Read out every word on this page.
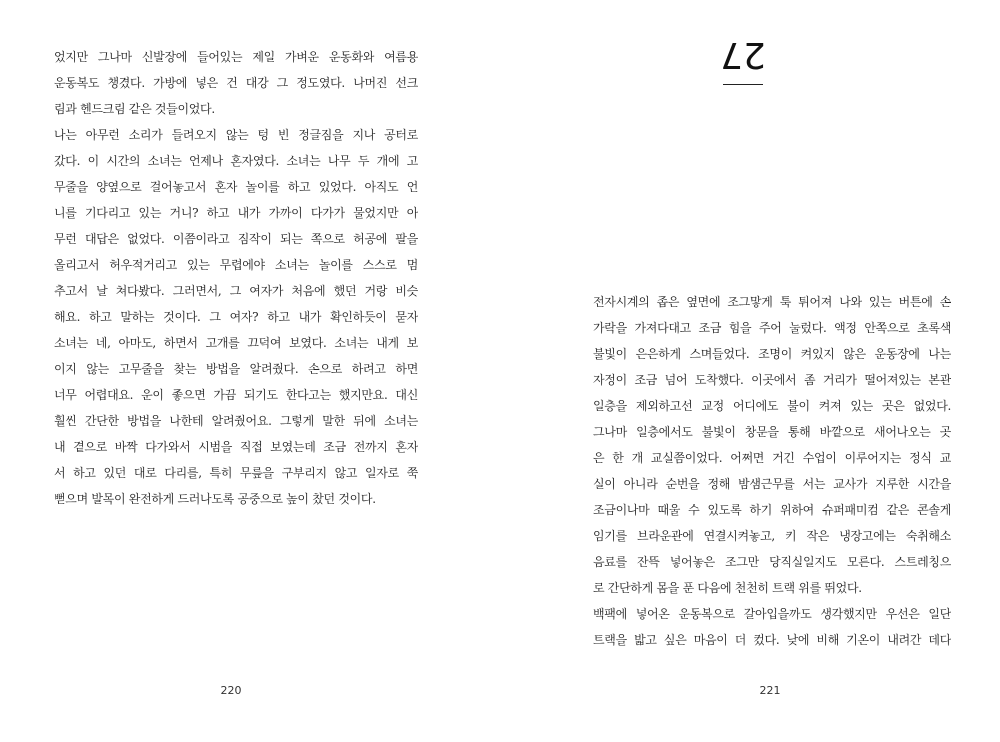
었지만 그나마 신발장에 들어있는 제일 가벼운 운동화와 여름용
운동복도 챙겼다. 가방에 넣은 건 대강 그 정도였다. 나머진 선크
림과 헨드크림 같은 것들이었다.
나는 아무런 소리가 들려오지 않는 텅 빈 정글짐을 지나 공터로
갔다. 이 시간의 소녀는 언제나 혼자였다. 소녀는 나무 두 개에 고
무줄을 양옆으로 걸어놓고서 혼자 놀이를 하고 있었다. 아직도 언
니를 기다리고 있는 거니? 하고 내가 가까이 다가가 물었지만 아
무런 대답은 없었다. 이쯤이라고 짐작이 되는 쪽으로 허공에 팔을
올리고서 허우적거리고 있는 무렵에야 소녀는 놀이를 스스로 멈
추고서 날 쳐다봤다. 그러면서, 그 여자가 처음에 했던 거랑 비슷
해요. 하고 말하는 것이다. 그 여자? 하고 내가 확인하듯이 묻자
소녀는 네, 아마도, 하면서 고개를 끄덕여 보였다. 소녀는 내게 보
이지 않는 고무줄을 찾는 방법을 알려줬다. 손으로 하려고 하면
너무 어렵대요. 운이 좋으면 가끔 되기도 한다고는 했지만요. 대신
훨씬 간단한 방법을 나한테 알려줬어요. 그렇게 말한 뒤에 소녀는
내 곁으로 바짝 다가와서 시범을 직접 보였는데 조금 전까지 혼자
서 하고 있던 대로 다리를, 특히 무릎을 구부리지 않고 일자로 쭉
뻗으며 발목이 완전하게 드러나도록 공중으로 높이 찼던 것이다.
220
27
전자시계의 좁은 옆면에 조그맣게 툭 튀어져 나와 있는 버튼에 손
가락을 가져다대고 조금 힘을 주어 눌렀다. 액정 안쪽으로 초록색
불빛이 은은하게 스며들었다. 조명이 켜있지 않은 운동장에 나는
자정이 조금 넘어 도착했다. 이곳에서 좀 거리가 떨어져있는 본관
일층을 제외하고선 교정 어디에도 불이 켜져 있는 곳은 없었다.
그나마 일층에서도 불빛이 창문을 통해 바깥으로 새어나오는 곳
은 한 개 교실쯤이었다. 어쩌면 거긴 수업이 이루어지는 정식 교
실이 아니라 순번을 정해 밤샘근무를 서는 교사가 지루한 시간을
조금이나마 때울 수 있도록 하기 위하여 슈퍼패미컴 같은 콘솔게
임기를 브라운관에 연결시켜놓고, 키 작은 냉장고에는 숙취해소
음료를 잔뜩 넣어놓은 조그만 당직실일지도 모른다. 스트레칭으
로 간단하게 몸을 푼 다음에 천천히 트랙 위를 뛰었다.
백팩에 넣어온 운동복으로 갈아입을까도 생각했지만 우선은 일단
트랙을 밟고 싶은 마음이 더 컸다. 낮에 비해 기온이 내려간 데다
221
